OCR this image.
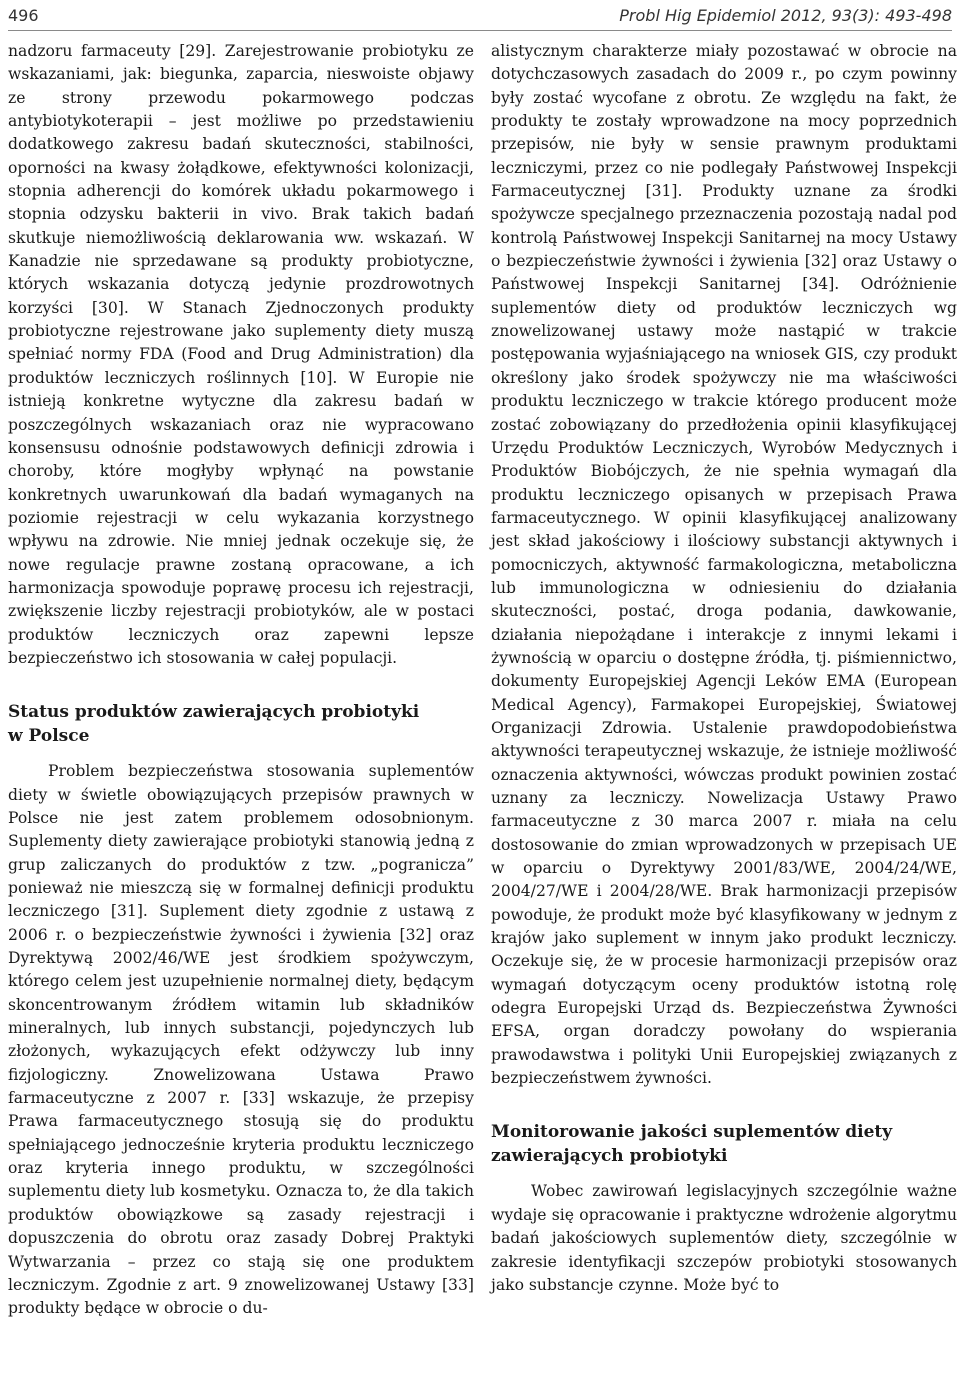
496	Probl Hig Epidemiol 2012, 93(3): 493-498

nadzoru farmaceuty [29]. Zarejestrowanie probiotyku ze wskazaniami, jak: biegunka, zaparcia, nieswoiste objawy ze strony przewodu pokarmowego podczas antybiotykoterapii – jest możliwe po przedstawieniu dodatkowego zakresu badań skuteczności, stabilności, oporności na kwasy żołądkowe, efektywności kolonizacji, stopnia adherencji do komórek układu pokarmowego i stopnia odzysku bakterii in vivo. Brak takich badań skutkuje niemożliwością deklarowania ww. wskazań. W Kanadzie nie sprzedawane są produkty probiotyczne, których wskazania dotyczą jedynie prozdrowotnych korzyści [30]. W Stanach Zjednoczonych produkty probiotyczne rejestrowane jako suplementy diety muszą spełniać normy FDA (Food and Drug Administration) dla produktów leczniczych roślinnych [10]. W Europie nie istnieją konkretne wytyczne dla zakresu badań w poszczególnych wskazaniach oraz nie wypracowano konsensusu odnośnie podstawowych definicji zdrowia i choroby, które mogłyby wpłynąć na powstanie konkretnych uwarunkowań dla badań wymaganych na poziomie rejestracji w celu wykazania korzystnego wpływu na zdrowie. Nie mniej jednak oczekuje się, że nowe regulacje prawne zostaną opracowane, a ich harmonizacja spowoduje poprawę procesu ich rejestracji, zwiększenie liczby rejestracji probiotyków, ale w postaci produktów leczniczych oraz zapewni lepsze bezpieczeństwo ich stosowania w całej populacji.

Status produktów zawierających probiotyki
w Polsce

Problem bezpieczeństwa stosowania suplementów diety w świetle obowiązujących przepisów prawnych w Polsce nie jest zatem problemem odosobnionym. Suplementy diety zawierające probiotyki stanowią jedną z grup zaliczanych do produktów z tzw. „pogranicza” ponieważ nie mieszczą się w formalnej definicji produktu leczniczego [31]. Suplement diety zgodnie z ustawą z 2006 r. o bezpieczeństwie żywności i żywienia [32] oraz Dyrektywą 2002/46/WE jest środkiem spożywczym, którego celem jest uzupełnienie normalnej diety, będącym skoncentrowanym źródłem witamin lub składników mineralnych, lub innych substancji, pojedynczych lub złożonych, wykazujących efekt odżywczy lub inny fizjologiczny. Znowelizowana Ustawa Prawo farmaceutyczne z 2007 r. [33] wskazuje, że przepisy Prawa farmaceutycznego stosują się do produktu spełniającego jednocześnie kryteria produktu leczniczego oraz kryteria innego produktu, w szczególności suplementu diety lub kosmetyku. Oznacza to, że dla takich produktów obowiązkowe są zasady rejestracji i dopuszczenia do obrotu oraz zasady Dobrej Praktyki Wytwarzania – przez co stają się one produktem leczniczym. Zgodnie z art. 9 znowelizowanej Ustawy [33] produkty będące w obrocie o du-

alistycznym charakterze miały pozostawać w obrocie na dotychczasowych zasadach do 2009 r., po czym powinny były zostać wycofane z obrotu. Ze względu na fakt, że produkty te zostały wprowadzone na mocy poprzednich przepisów, nie były w sensie prawnym produktami leczniczymi, przez co nie podlegały Państwowej Inspekcji Farmaceutycznej [31]. Produkty uznane za środki spożywcze specjalnego przeznaczenia pozostają nadal pod kontrolą Państwowej Inspekcji Sanitarnej na mocy Ustawy o bezpieczeństwie żywności i żywienia [32] oraz Ustawy o Państwowej Inspekcji Sanitarnej [34]. Odróżnienie suplementów diety od produktów leczniczych wg znowelizowanej ustawy może nastąpić w trakcie postępowania wyjaśniającego na wniosek GIS, czy produkt określony jako środek spożywczy nie ma właściwości produktu leczniczego w trakcie którego producent może zostać zobowiązany do przedłożenia opinii klasyfikującej Urzędu Produktów Leczniczych, Wyrobów Medycznych i Produktów Biobójczych, że nie spełnia wymagań dla produktu leczniczego opisanych w przepisach Prawa farmaceutycznego. W opinii klasyfikującej analizowany jest skład jakościowy i ilościowy substancji aktywnych i pomocniczych, aktywność farmakologiczna, metaboliczna lub immunologiczna w odniesieniu do działania skuteczności, postać, droga podania, dawkowanie, działania niepożądane i interakcje z innymi lekami i żywnością w oparciu o dostępne źródła, tj. piśmiennictwo, dokumenty Europejskiej Agencji Leków EMA (European Medical Agency), Farmakopei Europejskiej, Światowej Organizacji Zdrowia. Ustalenie prawdopodobieństwa aktywności terapeutycznej wskazuje, że istnieje możliwość oznaczenia aktywności, wówczas produkt powinien zostać uznany za leczniczy. Nowelizacja Ustawy Prawo farmaceutyczne z 30 marca 2007 r. miała na celu dostosowanie do zmian wprowadzonych w przepisach UE w oparciu o Dyrektywy 2001/83/WE, 2004/24/WE, 2004/27/WE i 2004/28/WE. Brak harmonizacji przepisów powoduje, że produkt może być klasyfikowany w jednym z krajów jako suplement w innym jako produkt leczniczy. Oczekuje się, że w procesie harmonizacji przepisów oraz wymagań dotyczącym oceny produktów istotną rolę odegra Europejski Urząd ds. Bezpieczeństwa Żywności EFSA, organ doradczy powołany do wspierania prawodawstwa i polityki Unii Europejskiej związanych z bezpieczeństwem żywności.

Monitorowanie jakości suplementów diety
zawierających probiotyki

Wobec zawirowań legislacyjnych szczególnie ważne wydaje się opracowanie i praktyczne wdrożenie algorytmu badań jakościowych suplementów diety, szczególnie w zakresie identyfikacji szczepów probiotyki stosowanych jako substancje czynne. Może być to
